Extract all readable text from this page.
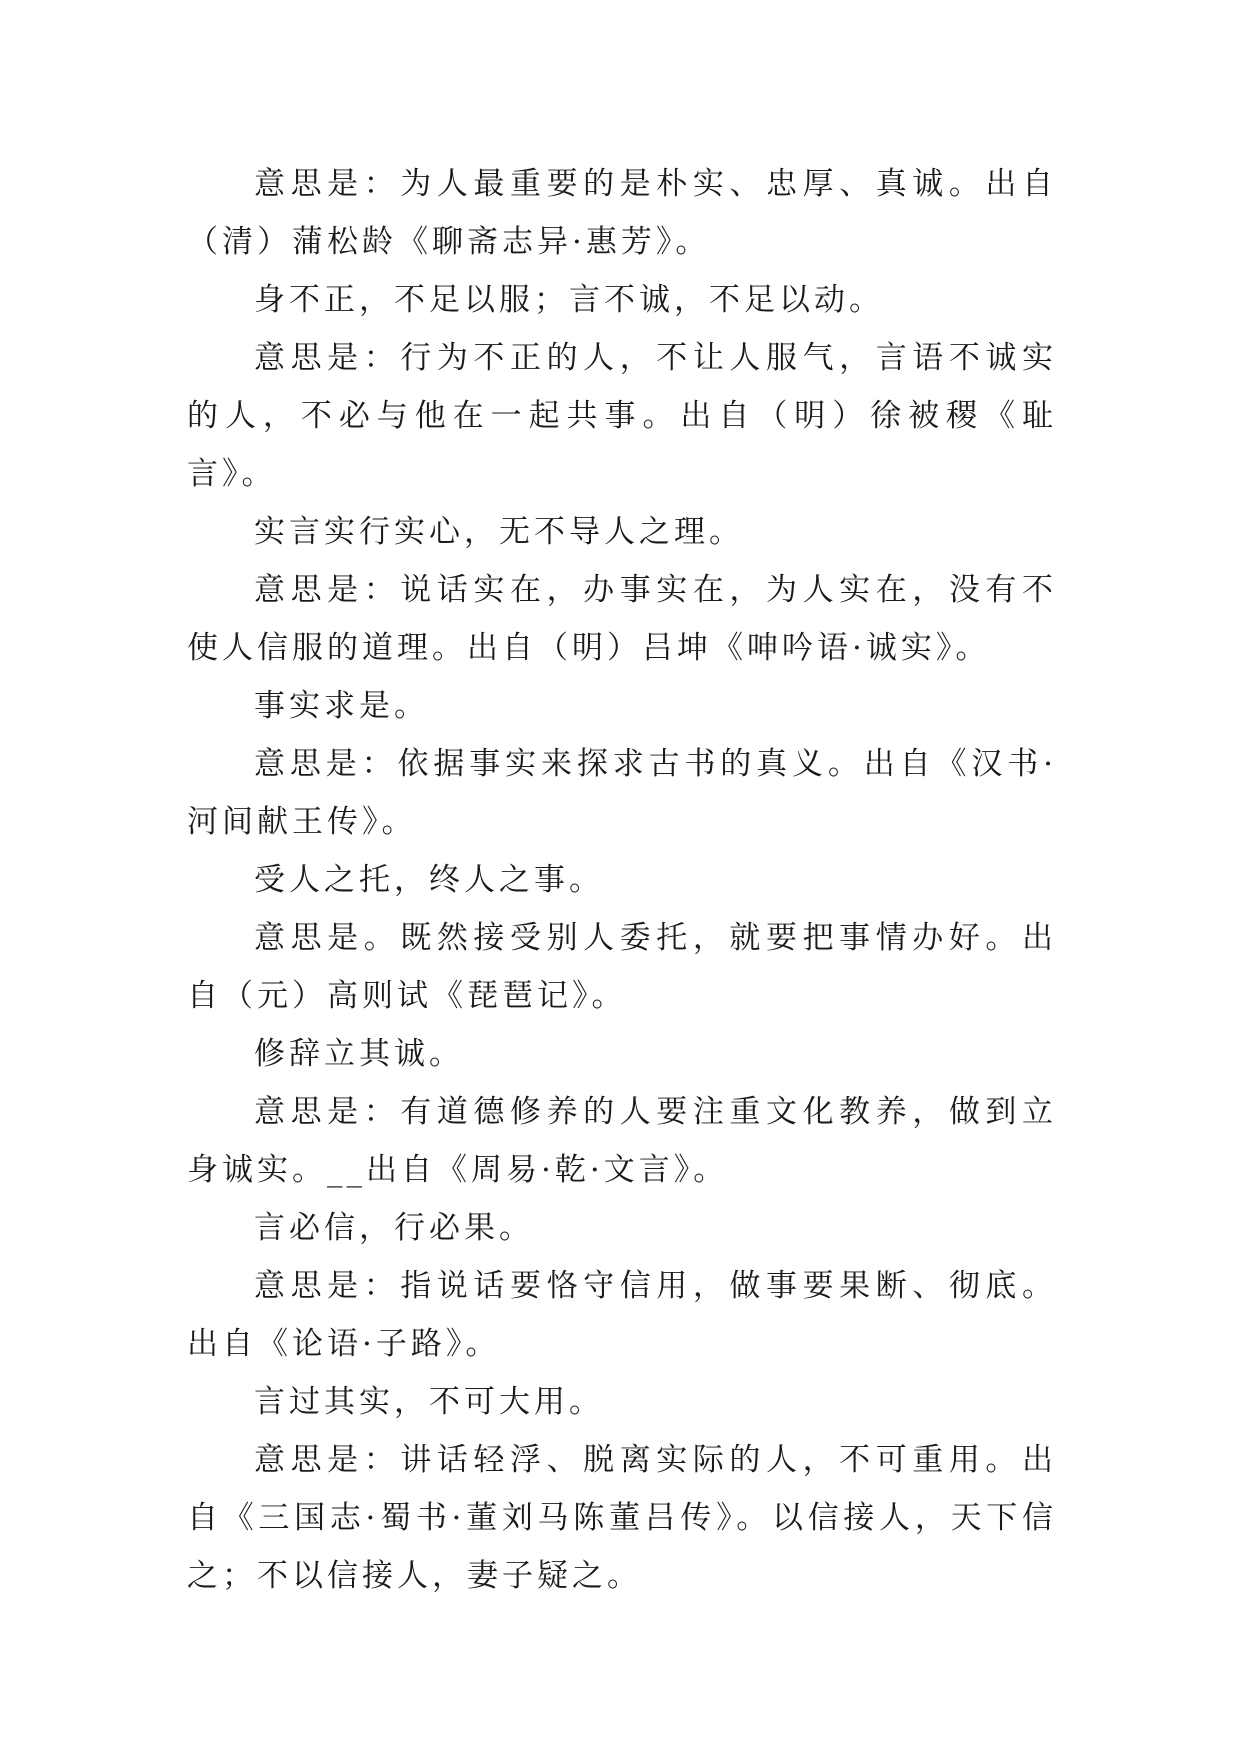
意思是：为人最重要的是朴实、忠厚、真诚。出自（清）蒲松龄《聊斋志异·惠芳》。

身不正，不足以服；言不诚，不足以动。

意思是：行为不正的人，不让人服气，言语不诚实的人，不必与他在一起共事。出自（明）徐被稷《耻言》。

实言实行实心，无不导人之理。

意思是：说话实在，办事实在，为人实在，没有不使人信服的道理。出自（明）吕坤《呻吟语·诚实》。

事实求是。

意思是：依据事实来探求古书的真义。出自《汉书·河间献王传》。

受人之托，终人之事。

意思是。既然接受别人委托，就要把事情办好。出自（元）高则试《琵琶记》。

修辞立其诚。

意思是：有道德修养的人要注重文化教养，做到立身诚实。__出自《周易·乾·文言》。

言必信，行必果。

意思是：指说话要恪守信用，做事要果断、彻底。出自《论语·子路》。

言过其实，不可大用。

意思是：讲话轻浮、脱离实际的人，不可重用。出自《三国志·蜀书·董刘马陈董吕传》。以信接人，天下信之；不以信接人，妻子疑之。
